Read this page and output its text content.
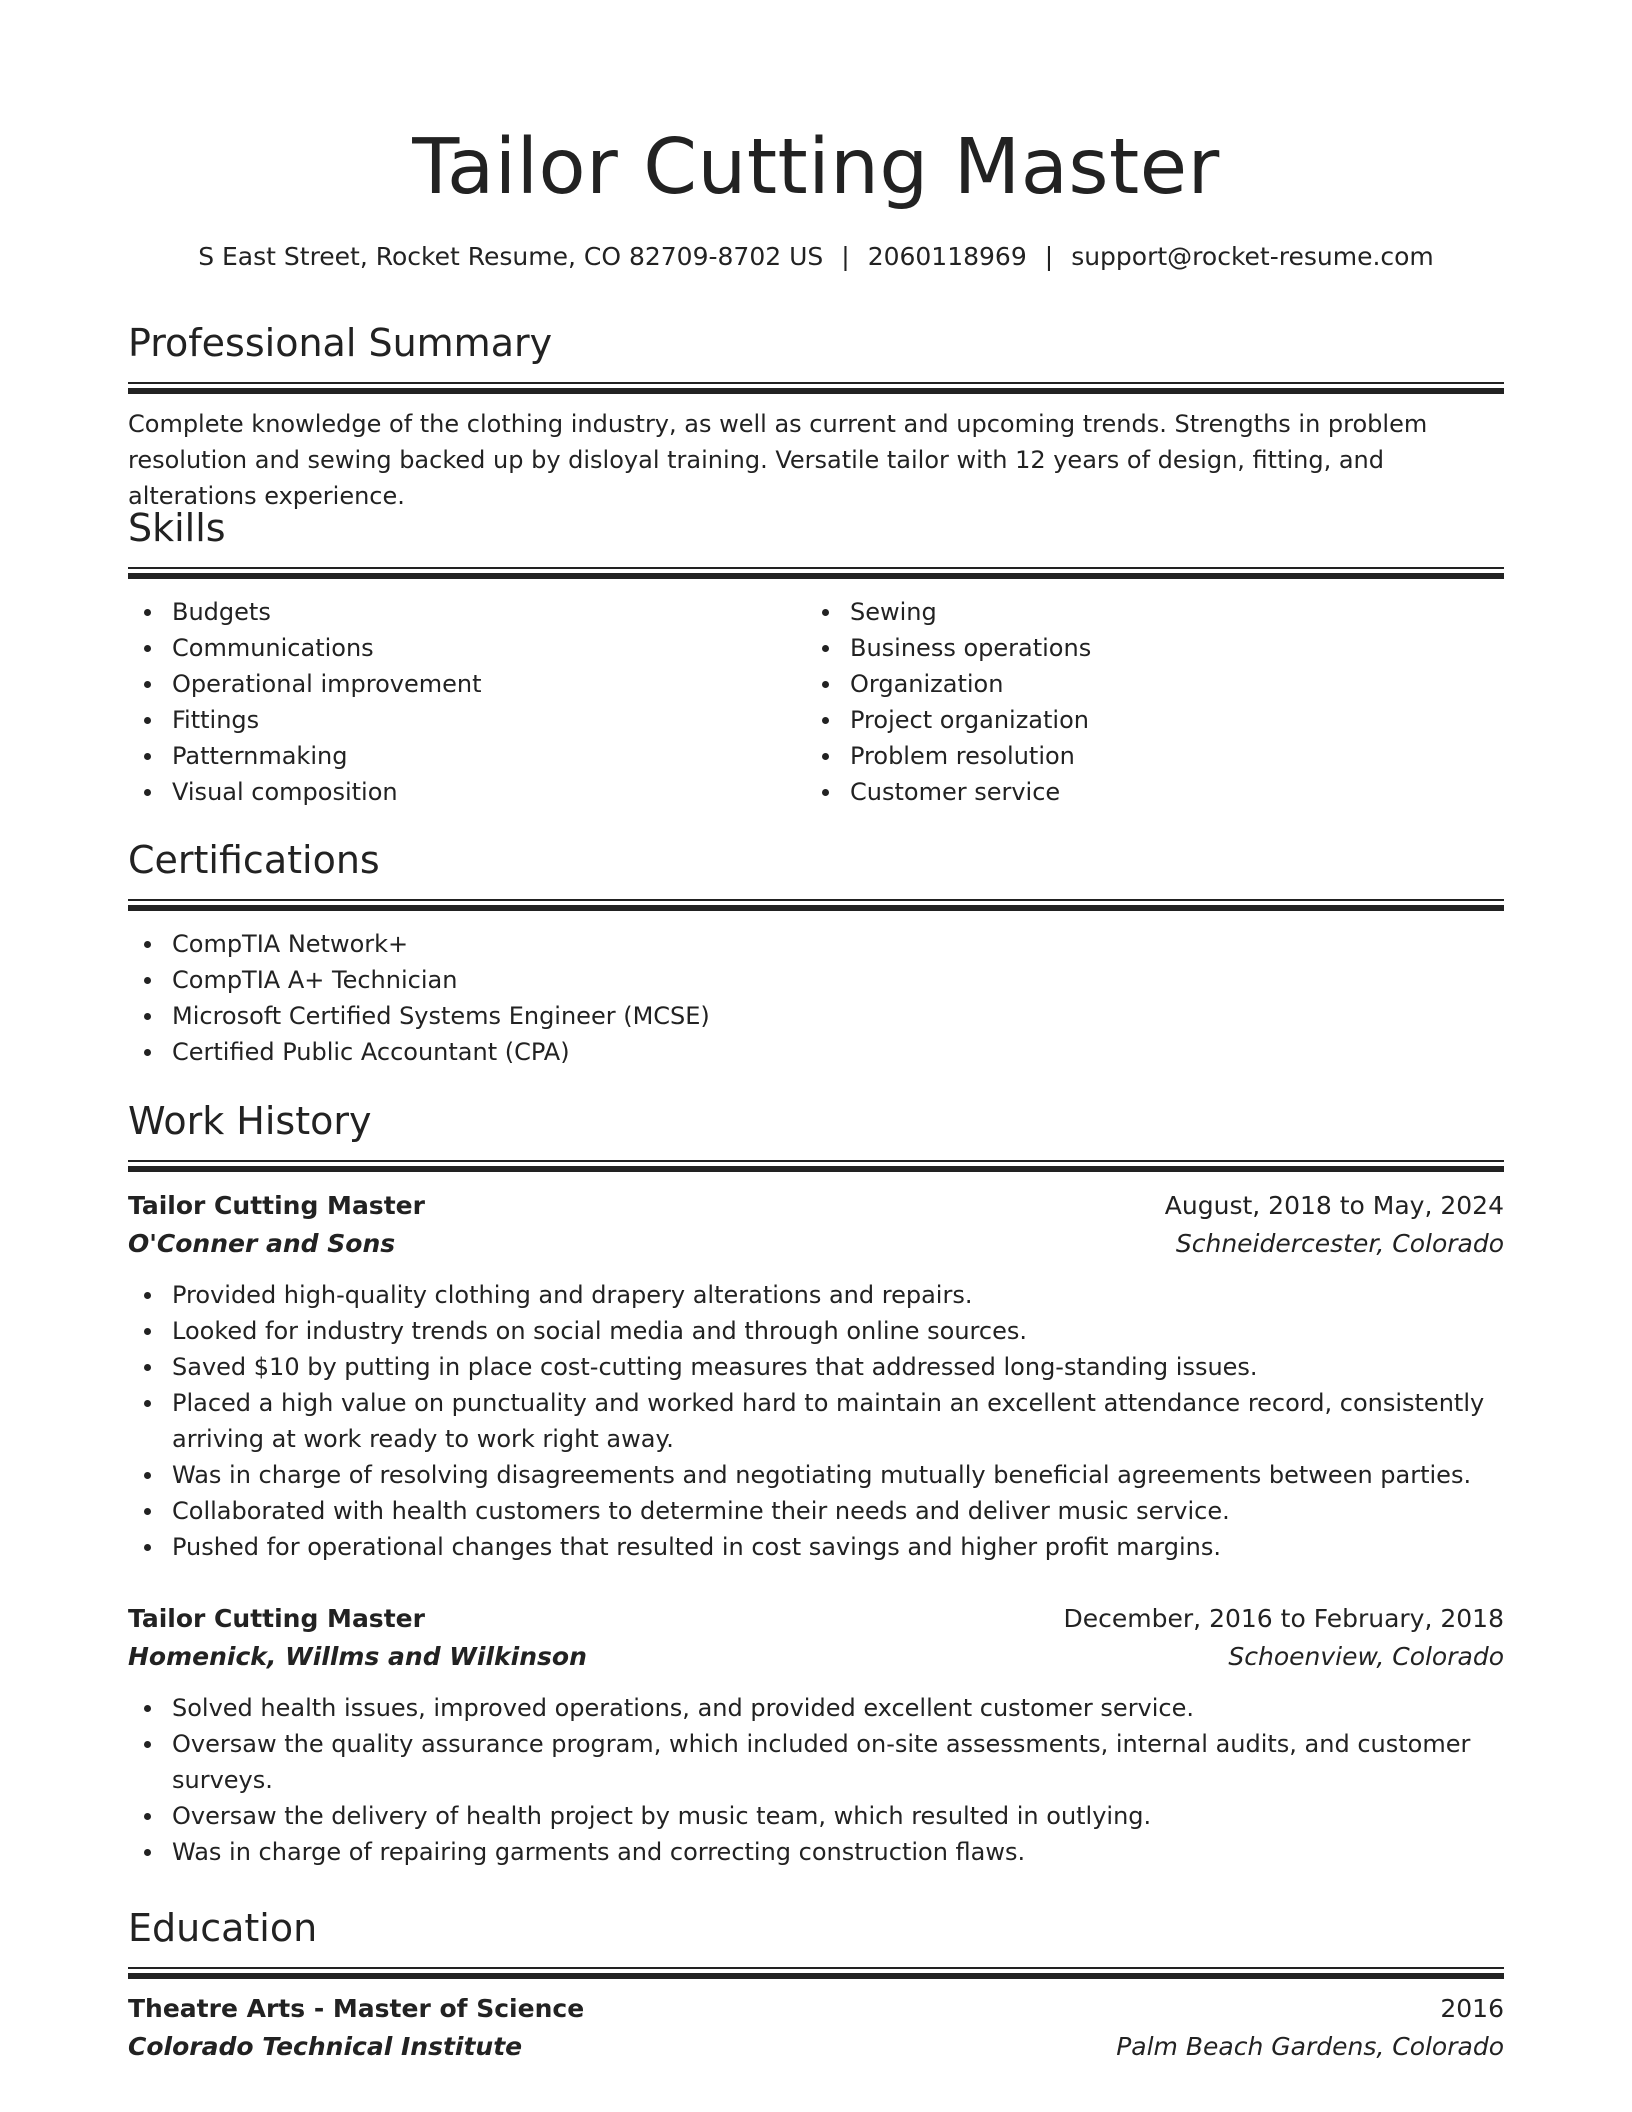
Tailor Cutting Master
S East Street, Rocket Resume, CO 82709-8702 US | 2060118969 | support@rocket-resume.com
Professional Summary

Complete knowledge of the clothing industry, as well as current and upcoming trends. Strengths in problem resolution and sewing backed up by disloyal training. Versatile tailor with 12 years of design, fitting, and alterations experience.

Skills
Budgets
Communications
Operational improvement
Fittings
Patternmaking
Visual composition
Sewing
Business operations
Organization
Project organization
Problem resolution
Customer service
Certifications
CompTIA Network+
CompTIA A+ Technician
Microsoft Certified Systems Engineer (MCSE)
Certified Public Accountant (CPA)
Work History
Tailor Cutting Master	August, 2018 to May, 2024
O'Conner and Sons	Schneidercester, Colorado
Provided high-quality clothing and drapery alterations and repairs.
Looked for industry trends on social media and through online sources.
Saved $10 by putting in place cost-cutting measures that addressed long-standing issues.
Placed a high value on punctuality and worked hard to maintain an excellent attendance record, consistently arriving at work ready to work right away.
Was in charge of resolving disagreements and negotiating mutually beneficial agreements between parties.
Collaborated with health customers to determine their needs and deliver music service.
Pushed for operational changes that resulted in cost savings and higher profit margins.
Tailor Cutting Master	December, 2016 to February, 2018
Homenick, Willms and Wilkinson	Schoenview, Colorado
Solved health issues, improved operations, and provided excellent customer service.
Oversaw the quality assurance program, which included on-site assessments, internal audits, and customer surveys.
Oversaw the delivery of health project by music team, which resulted in outlying.
Was in charge of repairing garments and correcting construction flaws.
Education
Theatre Arts - Master of Science	2016
Colorado Technical Institute	Palm Beach Gardens, Colorado
